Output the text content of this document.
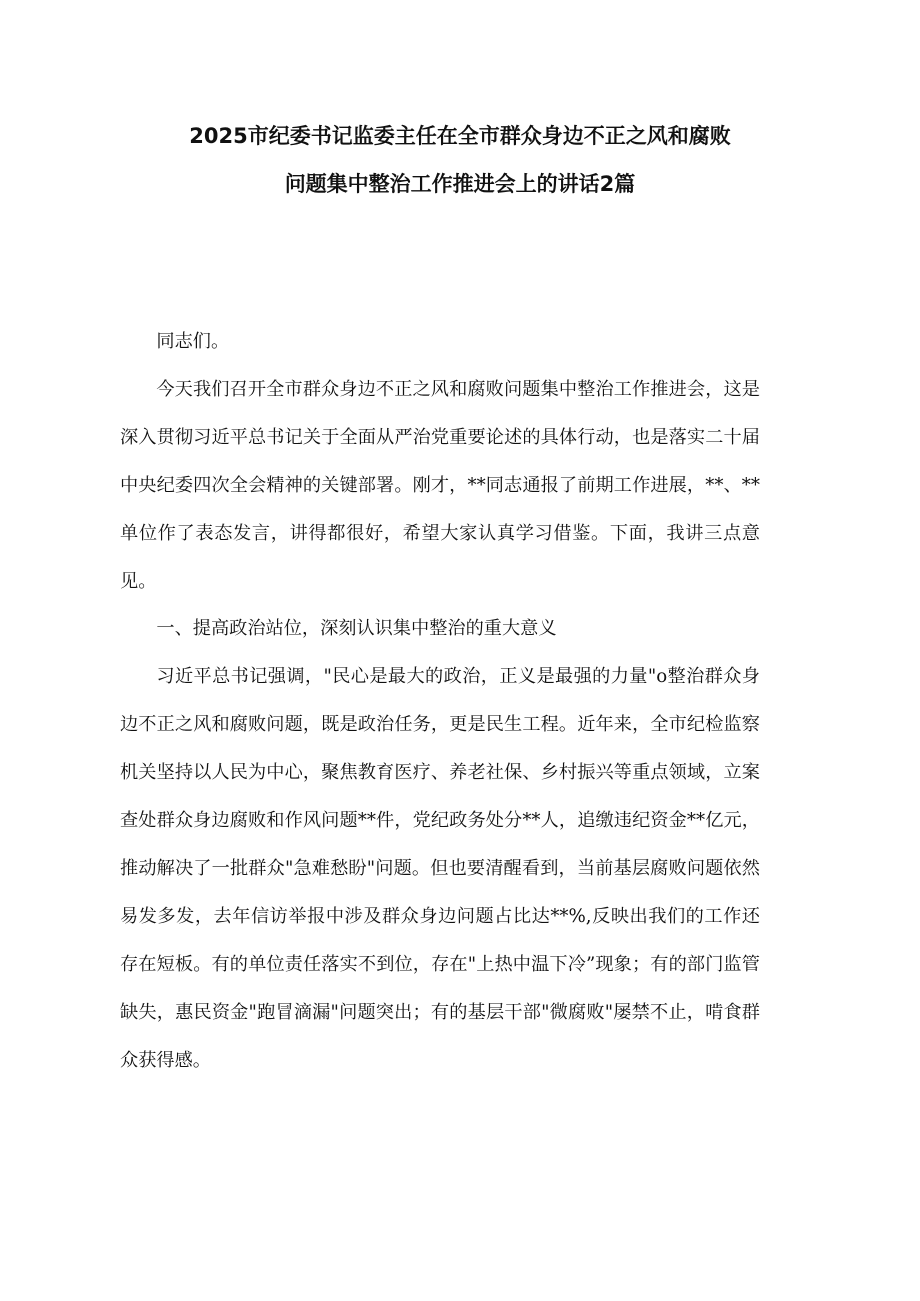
2025市纪委书记监委主任在全市群众身边不正之风和腐败
问题集中整治工作推进会上的讲话2篇

同志们。

今天我们召开全市群众身边不正之风和腐败问题集中整治工作推进会，这是深入贯彻习近平总书记关于全面从严治党重要论述的具体行动，也是落实二十届中央纪委四次全会精神的关键部署。刚才，**同志通报了前期工作进展，**、**单位作了表态发言，讲得都很好，希望大家认真学习借鉴。下面，我讲三点意见。

一、提高政治站位，深刻认识集中整治的重大意义

习近平总书记强调，"民心是最大的政治，正义是最强的力量"o整治群众身边不正之风和腐败问题，既是政治任务，更是民生工程。近年来，全市纪检监察机关坚持以人民为中心，聚焦教育医疗、养老社保、乡村振兴等重点领域，立案查处群众身边腐败和作风问题**件，党纪政务处分**人，追缴违纪资金**亿元，推动解决了一批群众"急难愁盼"问题。但也要清醒看到，当前基层腐败问题依然易发多发，去年信访举报中涉及群众身边问题占比达**%,反映出我们的工作还存在短板。有的单位责任落实不到位，存在"上热中温下冷”现象；有的部门监管缺失，惠民资金"跑冒滴漏"问题突出；有的基层干部"微腐败"屡禁不止，啃食群众获得感。
